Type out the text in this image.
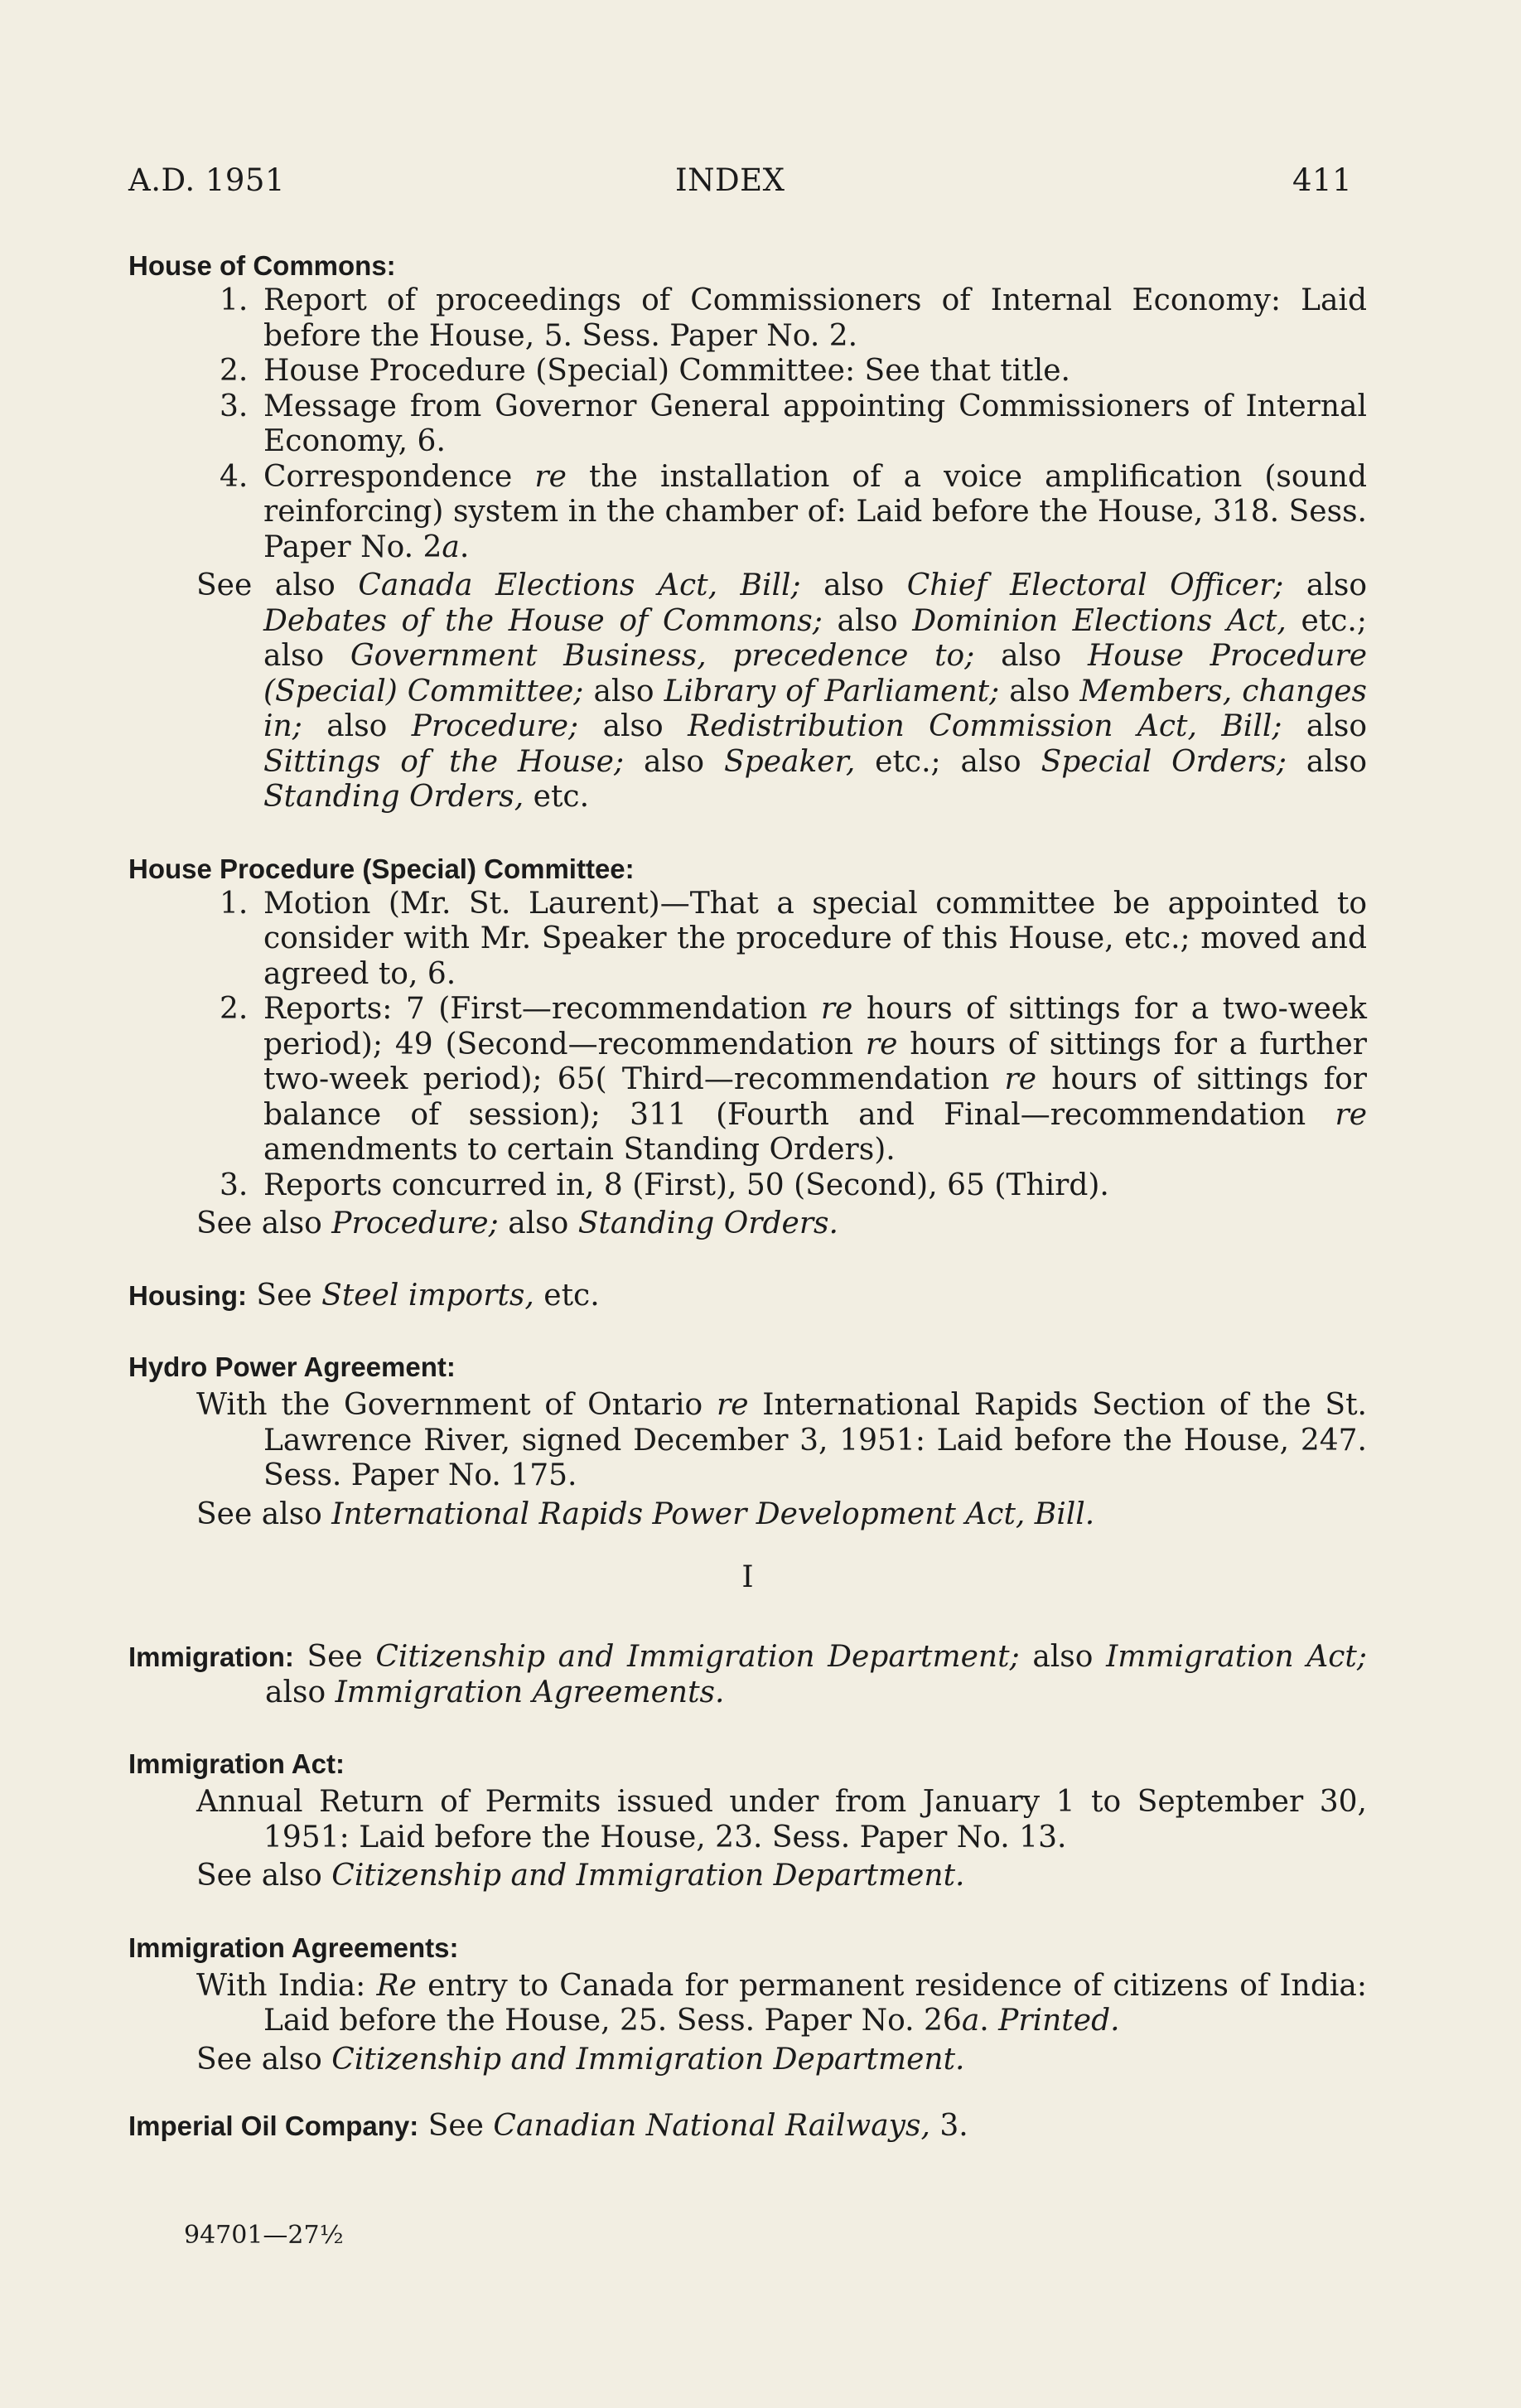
A.D. 1951	INDEX	411
House of Commons:
1. Report of proceedings of Commissioners of Internal Economy: Laid before the House, 5. Sess. Paper No. 2.
2. House Procedure (Special) Committee: See that title.
3. Message from Governor General appointing Commissioners of Internal Economy, 6.
4. Correspondence re the installation of a voice amplification (sound reinforcing) system in the chamber of: Laid before the House, 318. Sess. Paper No. 2a.
See also Canada Elections Act, Bill; also Chief Electoral Officer; also Debates of the House of Commons; also Dominion Elections Act, etc.; also Government Business, precedence to; also House Procedure (Special) Committee; also Library of Parliament; also Members, changes in; also Procedure; also Redistribution Commission Act, Bill; also Sittings of the House; also Speaker, etc.; also Special Orders; also Standing Orders, etc.
House Procedure (Special) Committee:
1. Motion (Mr. St. Laurent)—That a special committee be appointed to consider with Mr. Speaker the procedure of this House, etc.; moved and agreed to, 6.
2. Reports: 7 (First—recommendation re hours of sittings for a two-week period); 49 (Second—recommendation re hours of sittings for a further two-week period); 65( Third—recommendation re hours of sittings for balance of session); 311 (Fourth and Final—recommendation re amendments to certain Standing Orders).
3. Reports concurred in, 8 (First), 50 (Second), 65 (Third).
See also Procedure; also Standing Orders.
Housing: See Steel imports, etc.
Hydro Power Agreement:
With the Government of Ontario re International Rapids Section of the St. Lawrence River, signed December 3, 1951: Laid before the House, 247. Sess. Paper No. 175.
See also International Rapids Power Development Act, Bill.
I
Immigration: See Citizenship and Immigration Department; also Immigration Act; also Immigration Agreements.
Immigration Act:
Annual Return of Permits issued under from January 1 to September 30, 1951: Laid before the House, 23. Sess. Paper No. 13.
See also Citizenship and Immigration Department.
Immigration Agreements:
With India: Re entry to Canada for permanent residence of citizens of India: Laid before the House, 25. Sess. Paper No. 26a. Printed.
See also Citizenship and Immigration Department.
Imperial Oil Company: See Canadian National Railways, 3.
94701—27½
